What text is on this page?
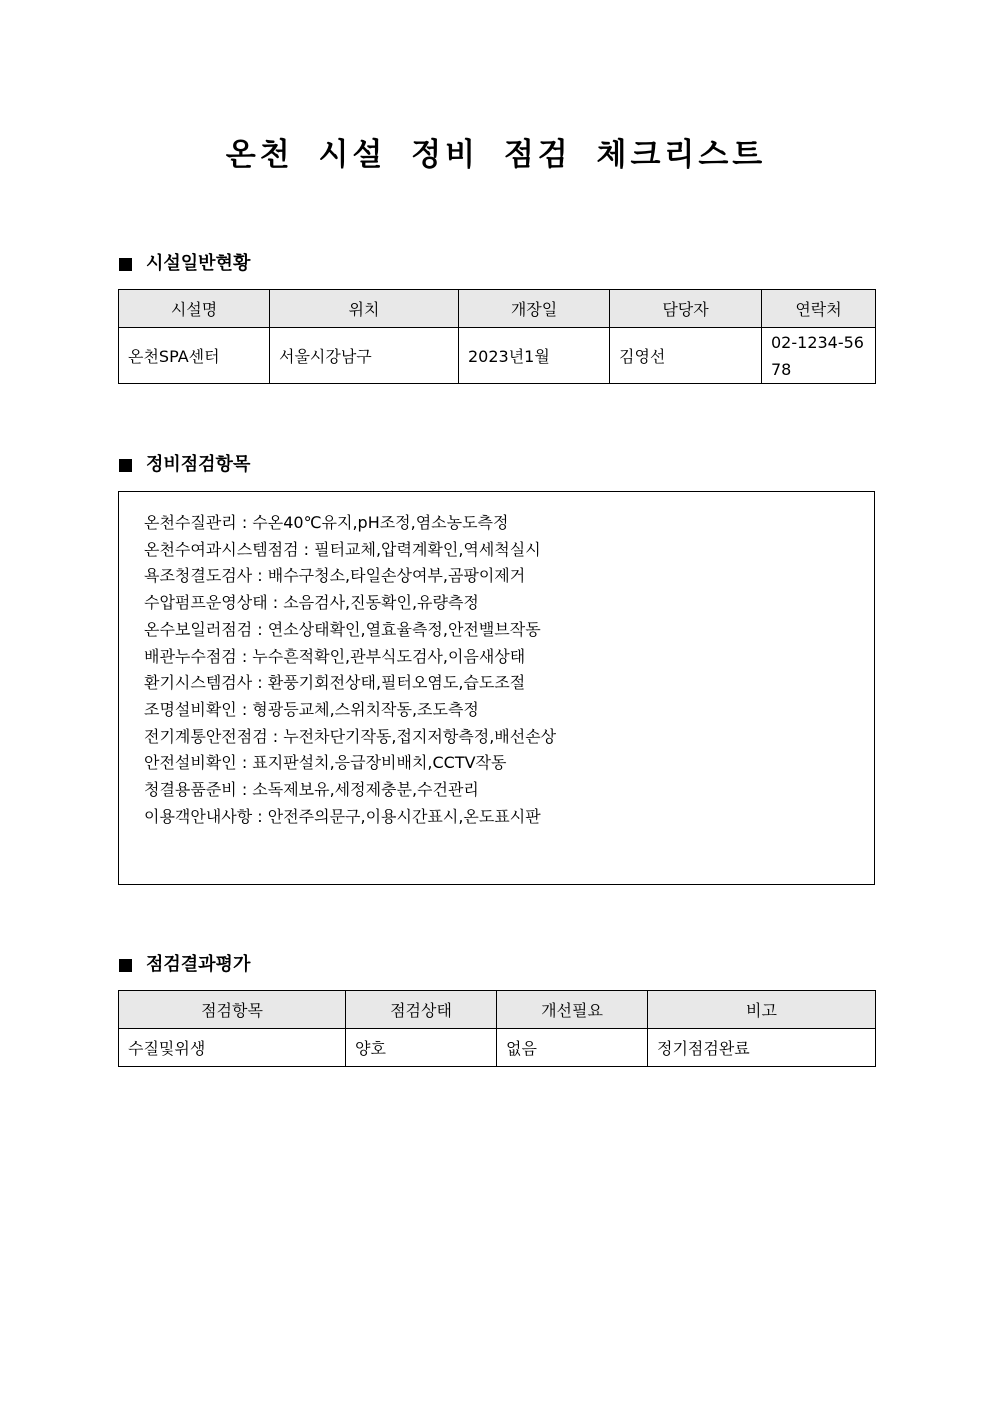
온천 시설 정비 점검 체크리스트
시설일반현황
시설명	위치	개장일	담당자	연락처
온천SPA센터	서울시강남구	2023년1월	김영선	02-1234-5678
정비점검항목
온천수질관리 : 수온40℃유지,pH조정,염소농도측정
온천수여과시스템점검 : 필터교체,압력계확인,역세척실시
욕조청결도검사 : 배수구청소,타일손상여부,곰팡이제거
수압펌프운영상태 : 소음검사,진동확인,유량측정
온수보일러점검 : 연소상태확인,열효율측정,안전밸브작동
배관누수점검 : 누수흔적확인,관부식도검사,이음새상태
환기시스템검사 : 환풍기회전상태,필터오염도,습도조절
조명설비확인 : 형광등교체,스위치작동,조도측정
전기계통안전점검 : 누전차단기작동,접지저항측정,배선손상
안전설비확인 : 표지판설치,응급장비배치,CCTV작동
청결용품준비 : 소독제보유,세정제충분,수건관리
이용객안내사항 : 안전주의문구,이용시간표시,온도표시판
점검결과평가
점검항목	점검상태	개선필요	비고
수질및위생	양호	없음	정기점검완료
